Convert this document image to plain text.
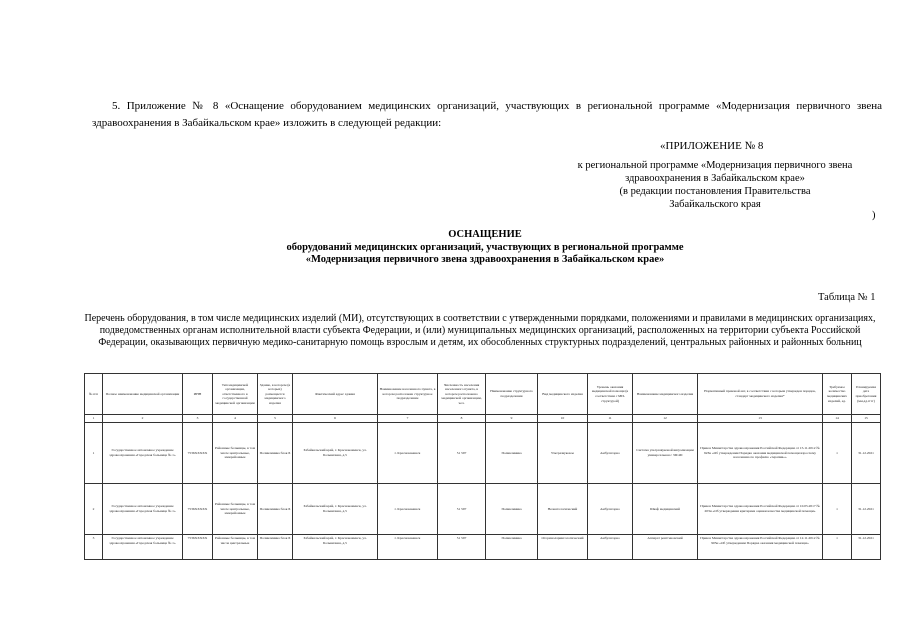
5. Приложение № 8 «Оснащение оборудованием медицинских организаций, участвующих в региональной программе «Модернизация первичного звена здравоохранения в Забайкальском крае» изложить в следующей редакции:
«ПРИЛОЖЕНИЕ № 8
к региональной программе «Модернизация первичного звена
здравоохранения в Забайкальском крае»
(в редакции постановления Правительства
Забайкальского края
)
ОСНАЩЕНИЕ
оборудований медицинских организаций, участвующих в региональной программе
«Модернизация первичного звена здравоохранения в Забайкальском крае»
Таблица № 1
Перечень оборудования, в том числе медицинских изделий (МИ), отсутствующих в соответствии с утвержденными порядками, положениями и правилами в медицинских организациях, подведомственных органам исполнительной власти субъекта Федерации, и (или) муниципальных медицинских организаций, расположенных на территории субъекта Российской Федерации, оказывающих первичную медико-санитарную помощь взрослым и детям, их обособленных структурных подразделений, центральных районных и районных больниц
№ п/п	Полное наименование медицинской организации	ИНН	Тип медицинской организации, ответственного в государственной медицинской организации	Здание, в котором (в которых) размещается медицинского изделия	Фактический адрес здания	Наименование населенного пункта, в котором расположен структурное подразделение	Численность населения населенного пункта, в котором расположено медицинской организации, чел.	Наименование структурного подразделения	Вид медицинского изделия	Уровень оказания медицинской помощи (в соответствии с МИ-структурой)	Наименование медицинского изделия	Нормативный правовой акт, в соответствии с которым утвержден порядок, стандарт медицинского изделия*	Требуемое количество медицинских изделий, ед.	Планируемая дата приобретения (мм.дд.гггг)
1	2	3	4	5	6	7	8	9	10	11	12	13	14	15
1	Государственное автономное учреждение здравоохранения «Городская больница № 1»	7536XXXXX	Районные больницы, в том числе центральные, межрайонные	Поликлиника блок Б	Забайкальский край, г. Краснокаменск, ул. Больничная, д.5	г. Краснокаменск	51 597	Поликлиника	Ультразвуковое	Амбулаторно	Система ультразвуковой визуализации универсальная с 3D/4D	Приказ Министерства здравоохранения Российской Федерации от 15.11.2012 № 923н «Об утверждении Порядка оказания медицинской помощи взрослому населению по профилю «терапия»»	1	31.12.2021
2	Государственное автономное учреждение здравоохранения «Городская больница № 1»	7536XXXXX	Районные больницы, в том числе центральные, межрайонные	Поликлиника блок Б	Забайкальский край, г. Краснокаменск, ул. Больничная, д.5	г. Краснокаменск	51 597	Поликлиника	Неонатологический	Амбулаторно	Шкаф медицинский	Приказ Министерства здравоохранения Российской Федерации от 10.05.2017 № 203н «Об утверждении критериев оценки качества медицинской помощи»	1	31.12.2021
3	Государственное автономное учреждение здравоохранения «Городская больница № 1»	7536XXXXX	Районные больницы, в том числе центральные	Поликлиника блок Б	Забайкальский край, г. Краснокаменск, ул. Больничная, д.5	г. Краснокаменск	51 597	Поликлиника	Оториноларингологический	Амбулаторно	Аппарат рентгеновский	Приказ Министерства здравоохранения Российской Федерации от 12.11.2012 № 905н «Об утверждении Порядка оказания медицинской помощи»	1	31.12.2021
